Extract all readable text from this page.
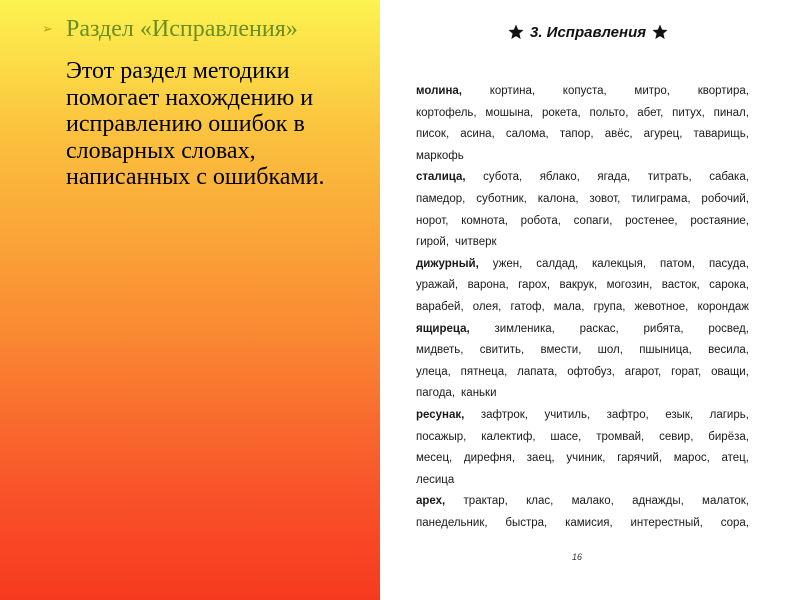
➢ Раздел «Исправления»

Этот раздел методики помогает нахождению и исправлению ошибок в словарных словах, написанных с ошибками.

3. Исправления
молина, кортина, копуста, митро, квортира,
кортофель, мошына, рокета, польто, абет, питух, пинал,
писок, асина, салома, тапор, авёс, агурец, таварищь,
маркофь
сталица, субота, яблако, ягада, титрать, сабака,
памедор, суботник, калона, зовот, тилиграма, робочий,
норот, комнота, робота, сопаги, ростенее, ростаяние,
гирой, читверк
дижурный, ужен, салдад, калекцыя, патом, пасуда,
уражай, варона, гарох, вакрук, могозин, васток, сарока,
варабей, олея, гатоф, мала, група, жевотное, корондаж
ящиреца, зимленика, раскас, рибята, росвед,
мидветь, свитить, вмести, шол, пшыница, весила,
улеца, пятнеца, лапата, офтобуз, агарот, горат, оващи,
пагода, каньки
ресунак, зафтрок, учитиль, зафтро, езык, лагирь,
посажыр, калектиф, шасе, тромвай, севир, бирёза,
месец, дирефня, заец, учиник, гарячий, марос, атец,
лесица
арех, трактар, клас, малако, аднажды, малаток,
панедельник, быстра, камисия, интерестный, сора,
16
